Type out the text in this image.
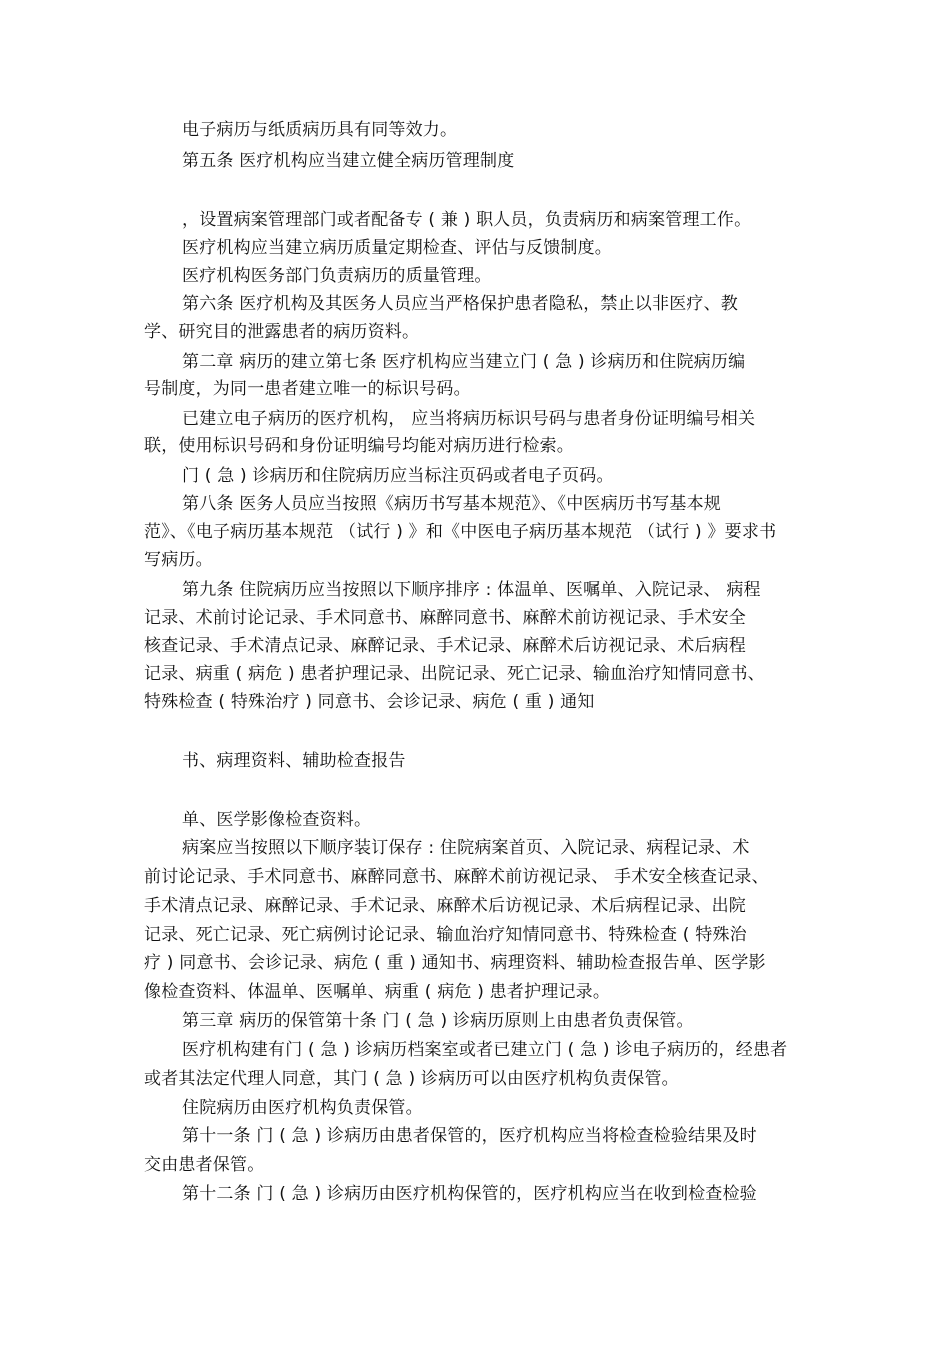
电子病历与纸质病历具有同等效力。
第五条 医疗机构应当建立健全病历管理制度
，设置病案管理部门或者配备专 ( 兼 ) 职人员，负责病历和病案管理工作。
医疗机构应当建立病历质量定期检查、评估与反馈制度。
医疗机构医务部门负责病历的质量管理。
第六条 医疗机构及其医务人员应当严格保护患者隐私，禁止以非医疗、教
学、研究目的泄露患者的病历资料。
第二章 病历的建立第七条 医疗机构应当建立门 ( 急 ) 诊病历和住院病历编
号制度，为同一患者建立唯一的标识号码。
已建立电子病历的医疗机构， 应当将病历标识号码与患者身份证明编号相关
联，使用标识号码和身份证明编号均能对病历进行检索。
门 ( 急 ) 诊病历和住院病历应当标注页码或者电子页码。
第八条 医务人员应当按照《病历书写基本规范》、《中医病历书写基本规
范》、《电子病历基本规范 （试行 ) 》和《中医电子病历基本规范 （试行 ) 》要求书
写病历。
第九条 住院病历应当按照以下顺序排序 : 体温单、医嘱单、入院记录、 病程
记录、术前讨论记录、手术同意书、麻醉同意书、麻醉术前访视记录、手术安全
核查记录、手术清点记录、麻醉记录、手术记录、麻醉术后访视记录、术后病程
记录、病重 ( 病危 ) 患者护理记录、出院记录、死亡记录、输血治疗知情同意书、
特殊检查 ( 特殊治疗 ) 同意书、会诊记录、病危 ( 重 ) 通知
书、病理资料、辅助检查报告
单、医学影像检查资料。
病案应当按照以下顺序装订保存 : 住院病案首页、入院记录、病程记录、术
前讨论记录、手术同意书、麻醉同意书、麻醉术前访视记录、 手术安全核查记录、
手术清点记录、麻醉记录、手术记录、麻醉术后访视记录、术后病程记录、出院
记录、死亡记录、死亡病例讨论记录、输血治疗知情同意书、特殊检查 ( 特殊治
疗 ) 同意书、会诊记录、病危 ( 重 ) 通知书、病理资料、辅助检查报告单、医学影
像检查资料、体温单、医嘱单、病重 ( 病危 ) 患者护理记录。
第三章 病历的保管第十条 门 ( 急 ) 诊病历原则上由患者负责保管。
医疗机构建有门 ( 急 ) 诊病历档案室或者已建立门 ( 急 ) 诊电子病历的，经患者
或者其法定代理人同意，其门 ( 急 ) 诊病历可以由医疗机构负责保管。
住院病历由医疗机构负责保管。
第十一条 门 ( 急 ) 诊病历由患者保管的，医疗机构应当将检查检验结果及时
交由患者保管。
第十二条 门 ( 急 ) 诊病历由医疗机构保管的，医疗机构应当在收到检查检验
